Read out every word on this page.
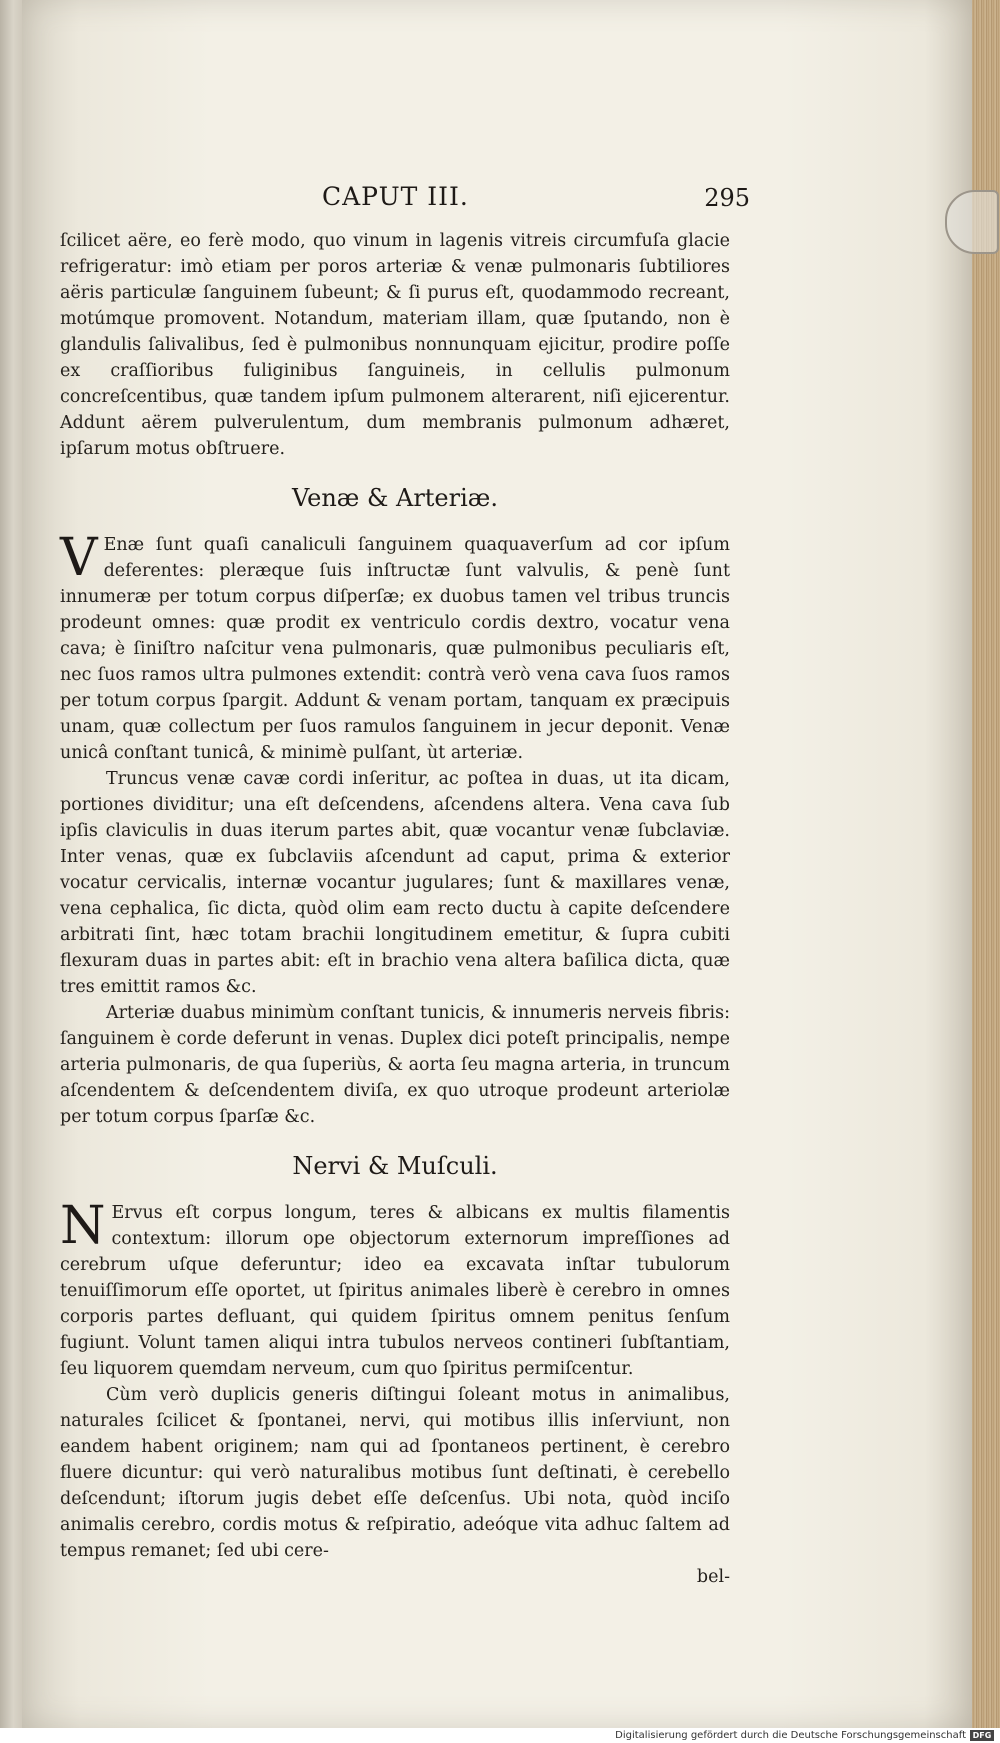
CAPUT III.	295

ſcilicet aëre, eo ferè modo, quo vinum in lagenis vitreis circumfuſa glacie refrigeratur: imò etiam per poros arteriæ & venæ pulmonaris ſubtiliores aëris particulæ ſanguinem ſubeunt; & ſi purus eſt, quodammodo recreant, motúmque promovent. Notandum, materiam illam, quæ ſputando, non è glandulis ſalivalibus, ſed è pulmonibus nonnunquam ejicitur, prodire poſſe ex craſſioribus fuliginibus ſanguineis, in cellulis pulmonum concreſcentibus, quæ tandem ipſum pulmonem alterarent, niſi ejicerentur. Addunt aërem pulverulentum, dum membranis pulmonum adhæret, ipſarum motus obſtruere.

Venæ & Arteriæ.

V Enæ ſunt quaſi canaliculi ſanguinem quaquaverſum ad cor ipſum deferentes: pleræque ſuis inſtructæ ſunt valvulis, & penè ſunt innumeræ per totum corpus diſperſæ; ex duobus tamen vel tribus truncis prodeunt omnes: quæ prodit ex ventriculo cordis dextro, vocatur vena cava; è ſiniſtro naſcitur vena pulmonaris, quæ pulmonibus peculiaris eſt, nec ſuos ramos ultra pulmones extendit: contrà verò vena cava ſuos ramos per totum corpus ſpargit. Addunt & venam portam, tanquam ex præcipuis unam, quæ collectum per ſuos ramulos ſanguinem in jecur deponit. Venæ unicâ conſtant tunicâ, & minimè pulſant, ùt arteriæ.

Truncus venæ cavæ cordi inſeritur, ac poſtea in duas, ut ita dicam, portiones dividitur; una eſt deſcendens, aſcendens altera. Vena cava ſub ipſis claviculis in duas iterum partes abit, quæ vocantur venæ ſubclaviæ. Inter venas, quæ ex ſubclaviis aſcendunt ad caput, prima & exterior vocatur cervicalis, internæ vocantur jugulares; ſunt & maxillares venæ, vena cephalica, ſic dicta, quòd olim eam recto ductu à capite deſcendere arbitrati ſint, hæc totam brachii longitudinem emetitur, & ſupra cubiti flexuram duas in partes abit: eſt in brachio vena altera baſilica dicta, quæ tres emittit ramos &c.

Arteriæ duabus minimùm conſtant tunicis, & innumeris nerveis fibris: ſanguinem è corde deferunt in venas. Duplex dici poteſt principalis, nempe arteria pulmonaris, de qua ſuperiùs, & aorta ſeu magna arteria, in truncum aſcendentem & deſcendentem diviſa, ex quo utroque prodeunt arteriolæ per totum corpus ſparſæ &c.

Nervi & Muſculi.

N Ervus eſt corpus longum, teres & albicans ex multis filamentis contextum: illorum ope objectorum externorum impreſſiones ad cerebrum uſque deferuntur; ideo ea excavata inſtar tubulorum tenuiſſimorum eſſe oportet, ut ſpiritus animales liberè è cerebro in omnes corporis partes defluant, qui quidem ſpiritus omnem penitus ſenſum fugiunt. Volunt tamen aliqui intra tubulos nerveos contineri ſubſtantiam, ſeu liquorem quemdam nerveum, cum quo ſpiritus permiſcentur.

Cùm verò duplicis generis diſtingui ſoleant motus in animalibus, naturales ſcilicet & ſpontanei, nervi, qui motibus illis inſerviunt, non eandem habent originem; nam qui ad ſpontaneos pertinent, è cerebro fluere dicuntur: qui verò naturalibus motibus ſunt deſtinati, è cerebello deſcendunt; iſtorum jugis debet eſſe deſcenſus. Ubi nota, quòd inciſo animalis cerebro, cordis motus & reſpiratio, adeóque vita adhuc ſaltem ad tempus remanet; ſed ubi cere-

bel-

Digitalisierung gefördert durch die Deutsche Forschungsgemeinschaft DFG
